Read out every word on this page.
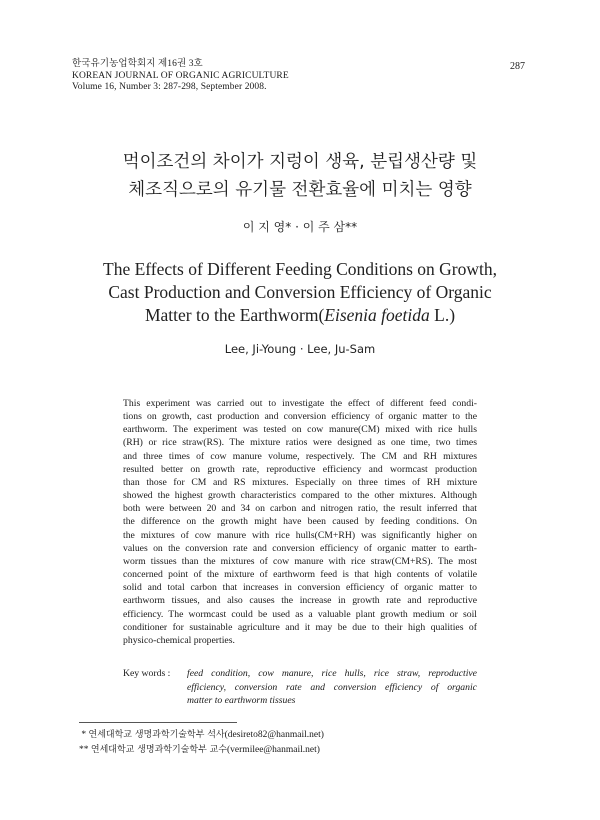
한국유기농업학회지 제16권 3호
KOREAN JOURNAL OF ORGANIC AGRICULTURE
Volume 16, Number 3: 287-298, September 2008.
287
먹이조건의 차이가 지렁이 생육, 분립생산량 및
체조직으로의 유기물 전환효율에 미치는 영향
이 지 영* · 이 주 삼**
The Effects of Different Feeding Conditions on Growth,
Cast Production and Conversion Efficiency of Organic
Matter to the Earthworm(Eisenia foetida L.)
Lee, Ji-Young · Lee, Ju-Sam
This experiment was carried out to investigate the effect of different feed condi-
tions on growth, cast production and conversion efficiency of organic matter to the
earthworm. The experiment was tested on cow manure(CM) mixed with rice hulls
(RH) or rice straw(RS). The mixture ratios were designed as one time, two times
and three times of cow manure volume, respectively. The CM and RH mixtures
resulted better on growth rate, reproductive efficiency and wormcast production
than those for CM and RS mixtures. Especially on three times of RH mixture
showed the highest growth characteristics compared to the other mixtures. Although
both were between 20 and 34 on carbon and nitrogen ratio, the result inferred that
the difference on the growth might have been caused by feeding conditions. On
the mixtures of cow manure with rice hulls(CM+RH) was significantly higher on
values on the conversion rate and conversion efficiency of organic matter to earth-
worm tissues than the mixtures of cow manure with rice straw(CM+RS). The most
concerned point of the mixture of earthworm feed is that high contents of volatile
solid and total carbon that increases in conversion efficiency of organic matter to
earthworm tissues, and also causes the increase in growth rate and reproductive
efficiency. The wormcast could be used as a valuable plant growth medium or soil
conditioner for sustainable agriculture and it may be due to their high qualities of
physico-chemical properties.
Key words :	feed condition, cow manure, rice hulls, rice straw, reproductive
efficiency, conversion rate and conversion efficiency of organic
matter to earthworm tissues
* 연세대학교 생명과학기술학부 석사(desireto82@hanmail.net)
** 연세대학교 생명과학기술학부 교수(vermilee@hanmail.net)
